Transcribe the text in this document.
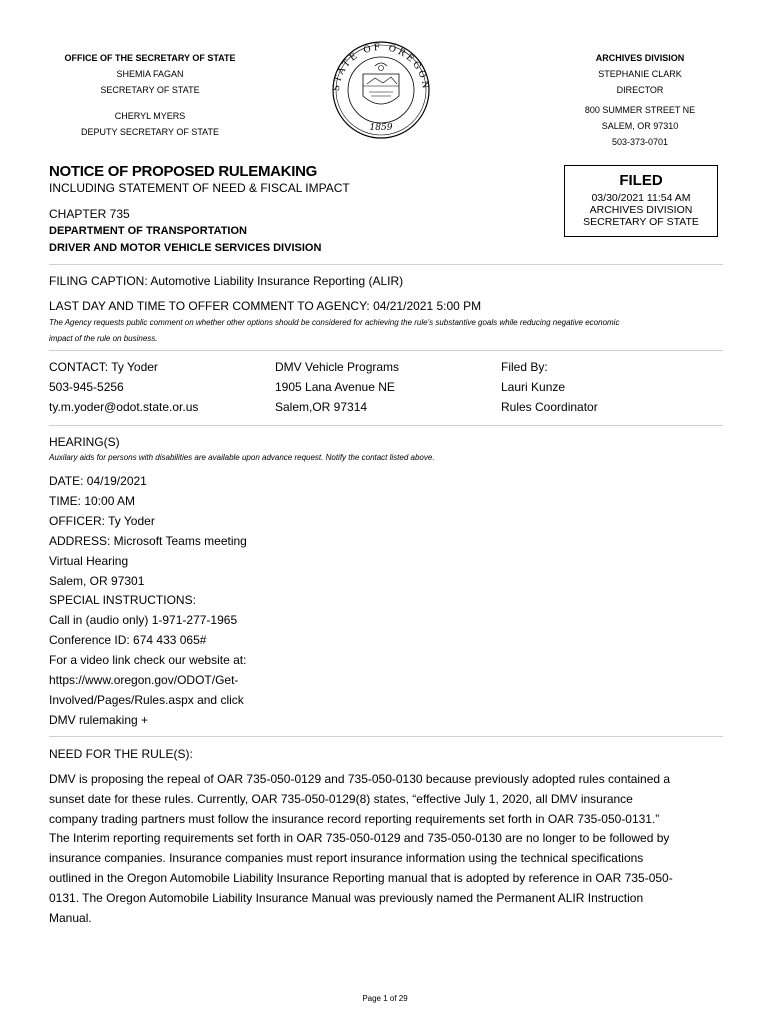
OFFICE OF THE SECRETARY OF STATE
SHEMIA FAGAN
SECRETARY OF STATE
CHERYL MYERS
DEPUTY SECRETARY OF STATE
STATE OF OREGON
1859
ARCHIVES DIVISION
STEPHANIE CLARK
DIRECTOR
800 SUMMER STREET NE
SALEM, OR 97310
503-373-0701
NOTICE OF PROPOSED RULEMAKING
INCLUDING STATEMENT OF NEED & FISCAL IMPACT
CHAPTER 735
DEPARTMENT OF TRANSPORTATION
DRIVER AND MOTOR VEHICLE SERVICES DIVISION
FILED
03/30/2021 11:54 AM
ARCHIVES DIVISION
SECRETARY OF STATE
FILING CAPTION: Automotive Liability Insurance Reporting (ALIR)
LAST DAY AND TIME TO OFFER COMMENT TO AGENCY: 04/21/2021 5:00 PM
The Agency requests public comment on whether other options should be considered for achieving the rule's substantive goals while reducing negative economic
impact of the rule on business.
CONTACT: Ty Yoder
503-945-5256
ty.m.yoder@odot.state.or.us
DMV Vehicle Programs
1905 Lana Avenue NE
Salem,OR 97314
Filed By:
Lauri Kunze
Rules Coordinator
HEARING(S)
Auxilary aids for persons with disabilities are available upon advance request. Notify the contact listed above.
DATE: 04/19/2021
TIME: 10:00 AM
OFFICER: Ty Yoder
ADDRESS: Microsoft Teams meeting
Virtual Hearing
Salem, OR 97301
SPECIAL INSTRUCTIONS:
Call in (audio only) 1-971-277-1965
Conference ID: 674 433 065#
For a video link check our website at:
https://www.oregon.gov/ODOT/Get-
Involved/Pages/Rules.aspx and click
DMV rulemaking +
NEED FOR THE RULE(S):
DMV is proposing the repeal of OAR 735-050-0129 and 735-050-0130 because previously adopted rules contained a
sunset date for these rules. Currently, OAR 735-050-0129(8) states, “effective July 1, 2020, all DMV insurance
company trading partners must follow the insurance record reporting requirements set forth in OAR 735-050-0131.”
The Interim reporting requirements set forth in OAR 735-050-0129 and 735-050-0130 are no longer to be followed by
insurance companies. Insurance companies must report insurance information using the technical specifications
outlined in the Oregon Automobile Liability Insurance Reporting manual that is adopted by reference in OAR 735-050-
0131. The Oregon Automobile Liability Insurance Manual was previously named the Permanent ALIR Instruction
Manual.
Page 1 of 29
